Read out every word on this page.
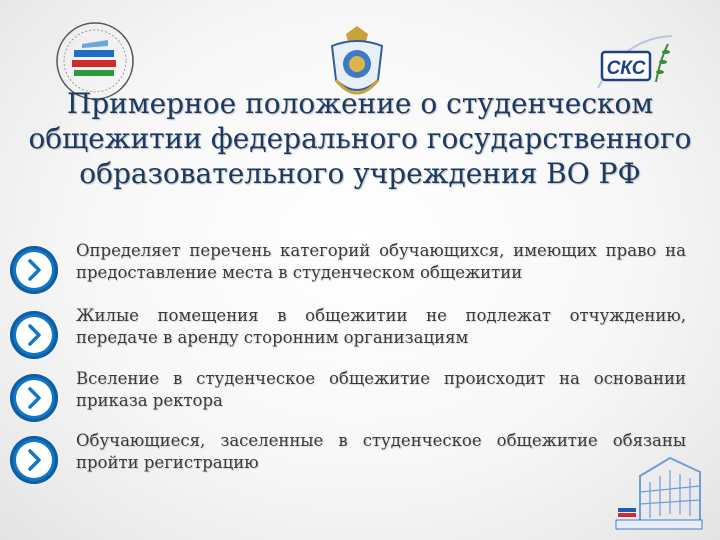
СКС
Примерное положение о студенческом общежитии федерального государственного образовательного учреждения ВО РФ
Определяет перечень категорий обучающихся, имеющих право на предоставление места в студенческом общежитии
Жилые помещения в общежитии не подлежат отчуждению, передаче в аренду сторонним организациям
Вселение в студенческое общежитие происходит на основании приказа ректора
Обучающиеся, заселенные в студенческое общежитие обязаны пройти регистрацию
